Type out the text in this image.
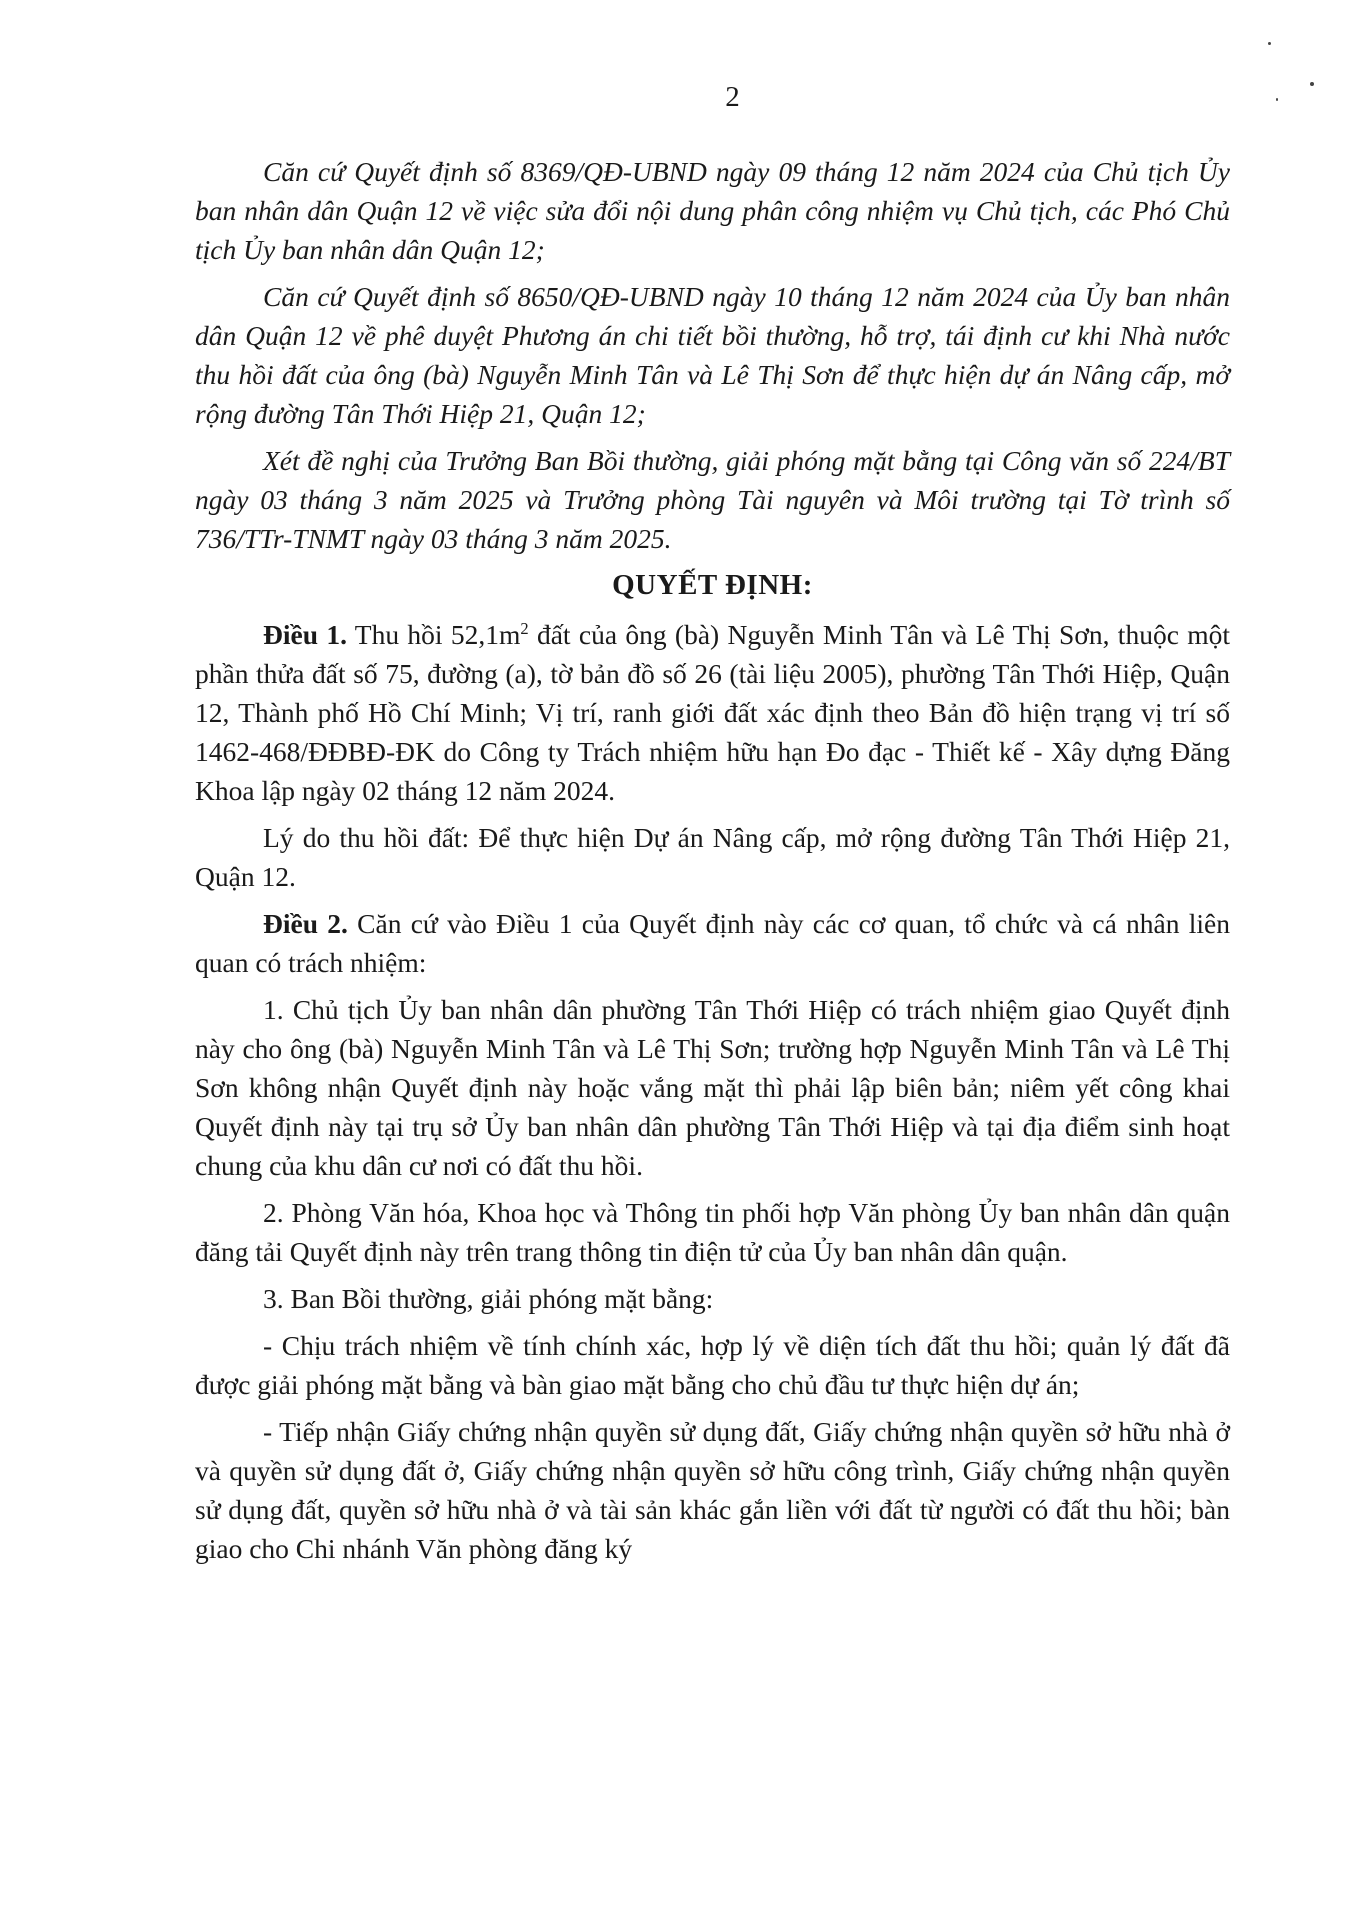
2

Căn cứ Quyết định số 8369/QĐ-UBND ngày 09 tháng 12 năm 2024 của Chủ tịch Ủy ban nhân dân Quận 12 về việc sửa đổi nội dung phân công nhiệm vụ Chủ tịch, các Phó Chủ tịch Ủy ban nhân dân Quận 12;

Căn cứ Quyết định số 8650/QĐ-UBND ngày 10 tháng 12 năm 2024 của Ủy ban nhân dân Quận 12 về phê duyệt Phương án chi tiết bồi thường, hỗ trợ, tái định cư khi Nhà nước thu hồi đất của ông (bà) Nguyễn Minh Tân và Lê Thị Sơn để thực hiện dự án Nâng cấp, mở rộng đường Tân Thới Hiệp 21, Quận 12;

Xét đề nghị của Trưởng Ban Bồi thường, giải phóng mặt bằng tại Công văn số 224/BT ngày 03 tháng 3 năm 2025 và Trưởng phòng Tài nguyên và Môi trường tại Tờ trình số 736/TTr-TNMT ngày 03 tháng 3 năm 2025.

QUYẾT ĐỊNH:

Điều 1. Thu hồi $52,1m^2$ đất của ông (bà) Nguyễn Minh Tân và Lê Thị Sơn, thuộc một phần thửa đất số 75, đường (a), tờ bản đồ số 26 (tài liệu 2005), phường Tân Thới Hiệp, Quận 12, Thành phố Hồ Chí Minh; Vị trí, ranh giới đất xác định theo Bản đồ hiện trạng vị trí số 1462-468/ĐĐBĐ-ĐK do Công ty Trách nhiệm hữu hạn Đo đạc - Thiết kế - Xây dựng Đăng Khoa lập ngày 02 tháng 12 năm 2024.

Lý do thu hồi đất: Để thực hiện Dự án Nâng cấp, mở rộng đường Tân Thới Hiệp 21, Quận 12.

Điều 2. Căn cứ vào Điều 1 của Quyết định này các cơ quan, tổ chức và cá nhân liên quan có trách nhiệm:

1. Chủ tịch Ủy ban nhân dân phường Tân Thới Hiệp có trách nhiệm giao Quyết định này cho ông (bà) Nguyễn Minh Tân và Lê Thị Sơn; trường hợp Nguyễn Minh Tân và Lê Thị Sơn không nhận Quyết định này hoặc vắng mặt thì phải lập biên bản; niêm yết công khai Quyết định này tại trụ sở Ủy ban nhân dân phường Tân Thới Hiệp và tại địa điểm sinh hoạt chung của khu dân cư nơi có đất thu hồi.

2. Phòng Văn hóa, Khoa học và Thông tin phối hợp Văn phòng Ủy ban nhân dân quận đăng tải Quyết định này trên trang thông tin điện tử của Ủy ban nhân dân quận.

3. Ban Bồi thường, giải phóng mặt bằng:

- Chịu trách nhiệm về tính chính xác, hợp lý về diện tích đất thu hồi; quản lý đất đã được giải phóng mặt bằng và bàn giao mặt bằng cho chủ đầu tư thực hiện dự án;

- Tiếp nhận Giấy chứng nhận quyền sử dụng đất, Giấy chứng nhận quyền sở hữu nhà ở và quyền sử dụng đất ở, Giấy chứng nhận quyền sở hữu công trình, Giấy chứng nhận quyền sử dụng đất, quyền sở hữu nhà ở và tài sản khác gắn liền với đất từ người có đất thu hồi; bàn giao cho Chi nhánh Văn phòng đăng ký
